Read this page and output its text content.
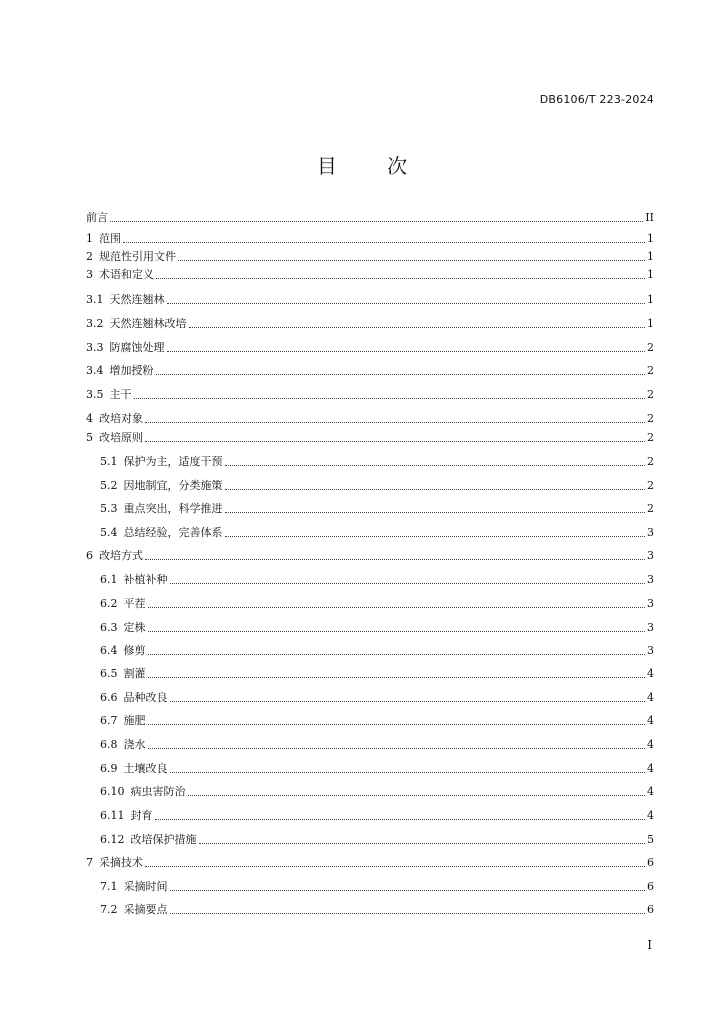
DB6106/T 223-2024
目 次
前言	II
1 范围	1
2 规范性引用文件	1
3 术语和定义	1
3.1 天然连翘林	1
3.2 天然连翘林改培	1
3.3 防腐蚀处理	2
3.4 增加授粉	2
3.5 主干	2
4 改培对象	2
5 改培原则	2
5.1 保护为主，适度干预	2
5.2 因地制宜，分类施策	2
5.3 重点突出，科学推进	2
5.4 总结经验，完善体系	3
6 改培方式	3
6.1 补植补种	3
6.2 平茬	3
6.3 定株	3
6.4 修剪	3
6.5 割灌	4
6.6 品种改良	4
6.7 施肥	4
6.8 浇水	4
6.9 土壤改良	4
6.10 病虫害防治	4
6.11 封育	4
6.12 改培保护措施	5
7 采摘技术	6
7.1 采摘时间	6
7.2 采摘要点	6
I
